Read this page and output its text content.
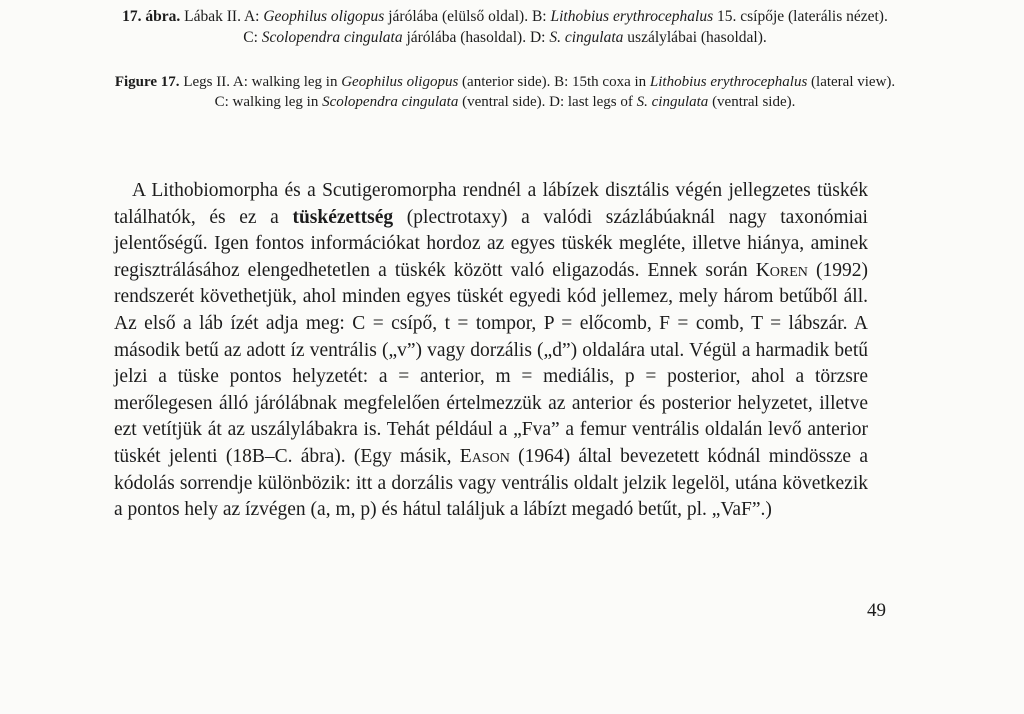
17. ábra. Lábak II. A: Geophilus oligopus járólába (elülső oldal). B: Lithobius erythrocephalus 15. csípője (laterális nézet). C: Scolopendra cingulata járólába (hasoldal). D: S. cingulata uszálylábai (hasoldal).
Figure 17. Legs II. A: walking leg in Geophilus oligopus (anterior side). B: 15th coxa in Lithobius erythrocephalus (lateral view). C: walking leg in Scolopendra cingulata (ventral side). D: last legs of S. cingulata (ventral side).

A Lithobiomorpha és a Scutigeromorpha rendnél a lábízek disztális végén jellegzetes tüskék találhatók, és ez a tüskézettség (plectrotaxy) a valódi százlábúaknál nagy taxonómiai jelentőségű. Igen fontos információkat hordoz az egyes tüskék megléte, illetve hiánya, aminek regisztrálásához elengedhetetlen a tüskék között való eligazodás. Ennek során Koren (1992) rendszerét követhetjük, ahol minden egyes tüskét egyedi kód jellemez, mely három betűből áll. Az első a láb ízét adja meg: C = csípő, t = tompor, P = előcomb, F = comb, T = lábszár. A második betű az adott íz ventrális („v”) vagy dorzális („d”) oldalára utal. Végül a harmadik betű jelzi a tüske pontos helyzetét: a = anterior, m = mediális, p = posterior, ahol a törzsre merőlegesen álló járólábnak megfelelően értelmezzük az anterior és posterior helyzetet, illetve ezt vetítjük át az uszálylábakra is. Tehát például a „Fva” a femur ventrális oldalán levő anterior tüskét jelenti (18B–C. ábra). (Egy másik, Eason (1964) által bevezetett kódnál mindössze a kódolás sorrendje különbözik: itt a dorzális vagy ventrális oldalt jelzik legelöl, utána következik a pontos hely az ízvégen (a, m, p) és hátul találjuk a lábízt megadó betűt, pl. „VaF”.)

49
